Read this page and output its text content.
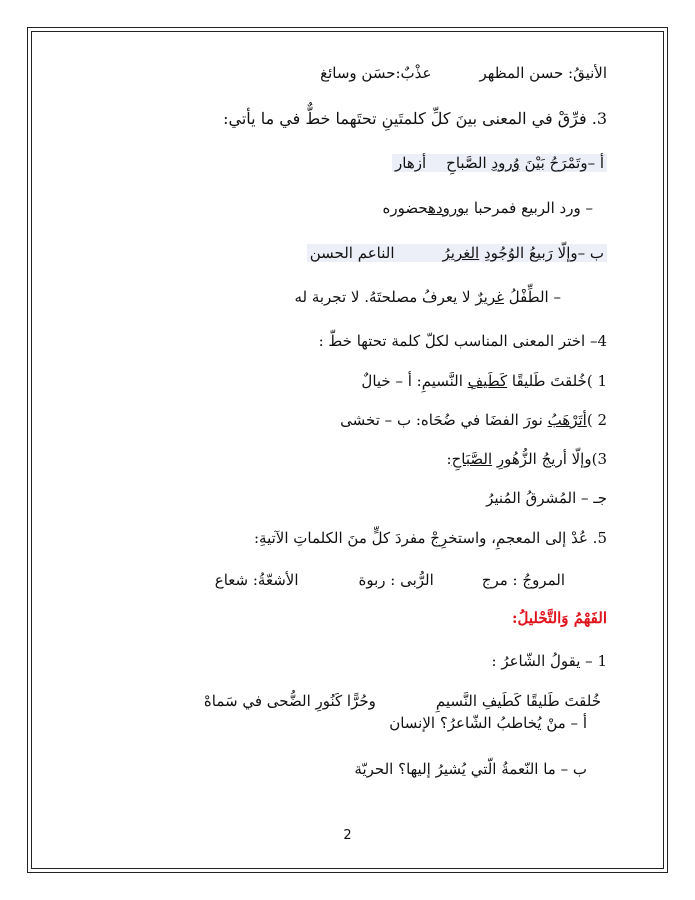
الأنيقُ: حسن المظهرعذْبٌ:حسَن وسائغ
3. فرِّقْ في المعنى بينَ كلِّ كلمتَينِ تحتَهما خطٌّ في ما يأتي:
أ –وتَمْرَحُ بَيْنَ وُرودِ الصَّباحِأزهار
– ورد الربيع فمرحبا بورودهحضوره
ب –وإلّا رَبيعُ الوُجُودِ الغريرُالناعم الحسن
– الطِّفْلُ غريرٌ لا يعرفُ مصلحتَهُ. لا تجربة له
4– اختر المعنى المناسب لكلّ كلمة تحتها خطّ :
1 )خُلقتَ طَليقًا كَطَيفِ النَّسيمِ: أ – خيالٌ
2 )أتَرْهَبُ نورَ الفضَا في ضُحَاه: ب – تخشى
3)وإلّا أريجُ الزُّهُورِ الصَّبَاحِ:
جـ – المُشرقُ المُنيرُ
5. عُدْ إلى المعجمِ، واستخرِجْ مفردَ كلٍّ منَ الكلماتِ الآتيةِ:
المروجُ : مرجالرُّبى : ربوةالأشعّةُ: شعاع
الفَهْمُ وَالتَّحْليلُ:
1 – يقولُ الشّاعرُ :
خُلقتَ طَليقًا كَطَيفِ النَّسيمِوحُرًّا كَنُورِ الضُّحى في سَماهْ
أ – منْ يُخاطبُ الشّاعرُ؟ الإنسان
ب – ما النّعمةُ الّتي يُشيرُ إليها؟ الحريّة
2
